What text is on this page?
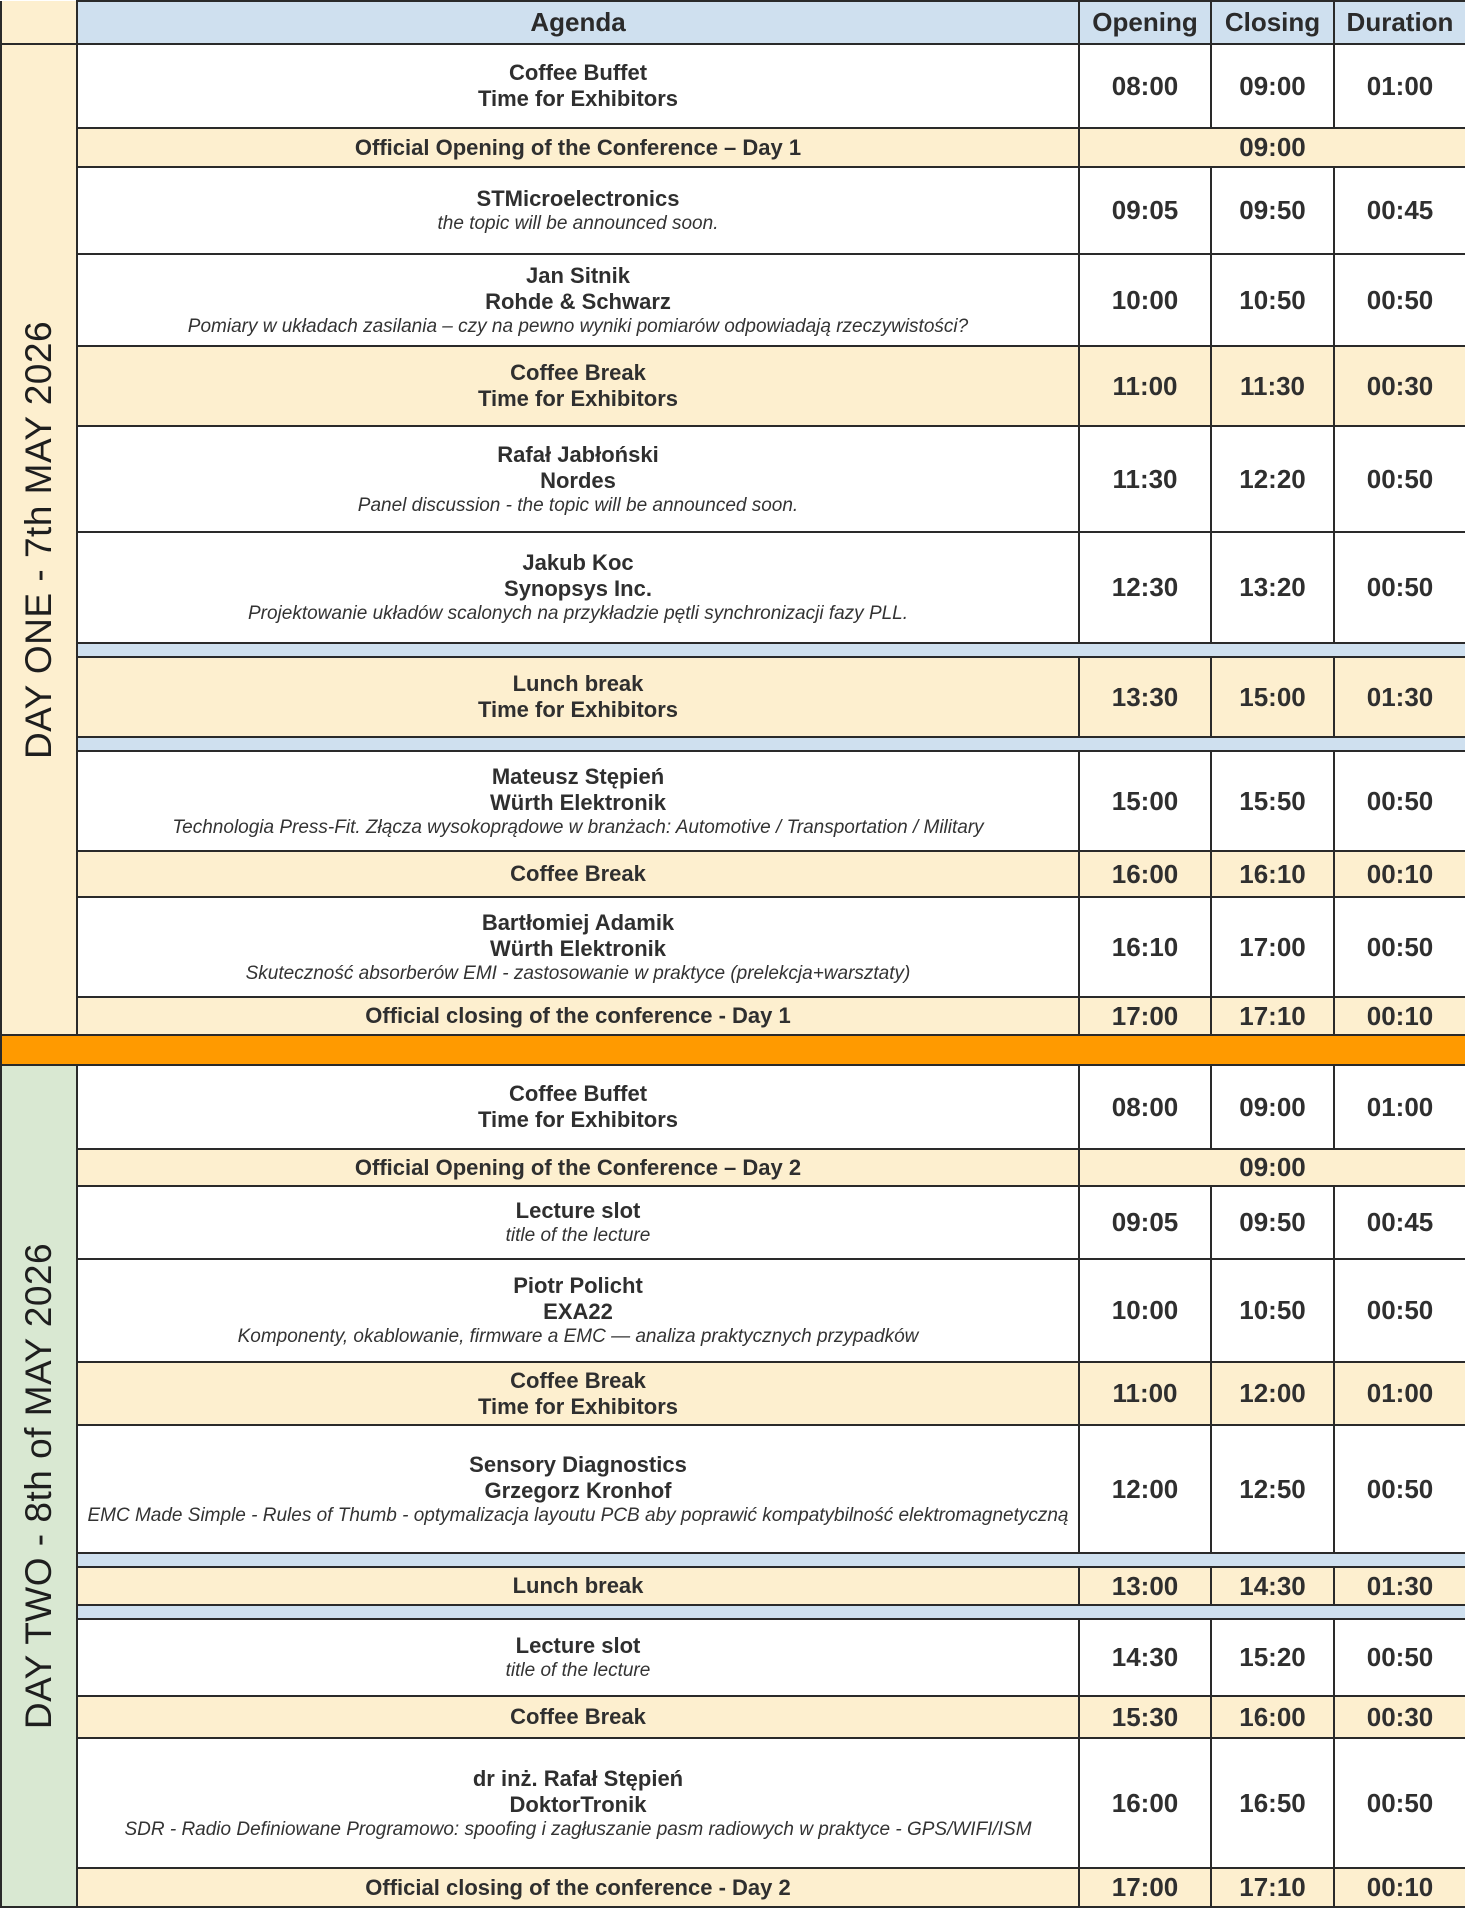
	Agenda	Opening	Closing	Duration

DAY ONE - 7th MAY 2026	Coffee Buffet
Time for Exhibitors	08:00	09:00	01:00

	Official Opening of the Conference – Day 1	09:00		

	STMicroelectronics
the topic will be announced soon.	09:05	09:50	00:45

	Jan Sitnik
Rohde & Schwarz
Pomiary w układach zasilania – czy na pewno wyniki pomiarów odpowiadają rzeczywistości?	10:00	10:50	00:50

	Coffee Break
Time for Exhibitors	11:00	11:30	00:30

	Rafał Jabłoński
Nordes
Panel discussion - the topic will be announced soon.	11:30	12:20	00:50

	Jakub Koc
Synopsys Inc.
Projektowanie układów scalonych na przykładzie pętli synchronizacji fazy PLL.	12:30	13:20	00:50

	Lunch break
Time for Exhibitors	13:30	15:00	01:30

	Mateusz Stępień
Würth Elektronik
Technologia Press-Fit. Złącza wysokoprądowe w branżach: Automotive / Transportation / Military	15:00	15:50	00:50

	Coffee Break	16:00	16:10	00:10

	Bartłomiej Adamik
Würth Elektronik
Skuteczność absorberów EMI - zastosowanie w praktyce (prelekcja+warsztaty)	16:10	17:00	00:50

	Official closing of the conference - Day 1	17:00	17:10	00:10

DAY TWO - 8th of MAY 2026	Coffee Buffet
Time for Exhibitors	08:00	09:00	01:00

	Official Opening of the Conference – Day 2	09:00		

	Lecture slot
title of the lecture	09:05	09:50	00:45

	Piotr Policht
EXA22
Komponenty, okablowanie, firmware a EMC — analiza praktycznych przypadków	10:00	10:50	00:50

	Coffee Break
Time for Exhibitors	11:00	12:00	01:00

	Sensory Diagnostics
Grzegorz Kronhof
EMC Made Simple - Rules of Thumb - optymalizacja layoutu PCB aby poprawić kompatybilność elektromagnetyczną	12:00	12:50	00:50

	Lunch break	13:00	14:30	01:30

	Lecture slot
title of the lecture	14:30	15:20	00:50

	Coffee Break	15:30	16:00	00:30

	dr inż. Rafał Stępień
DoktorTronik
SDR - Radio Definiowane Programowo: spoofing i zagłuszanie pasm radiowych w praktyce - GPS/WIFI/ISM	16:00	16:50	00:50

	Official closing of the conference - Day 2	17:00	17:10	00:10
